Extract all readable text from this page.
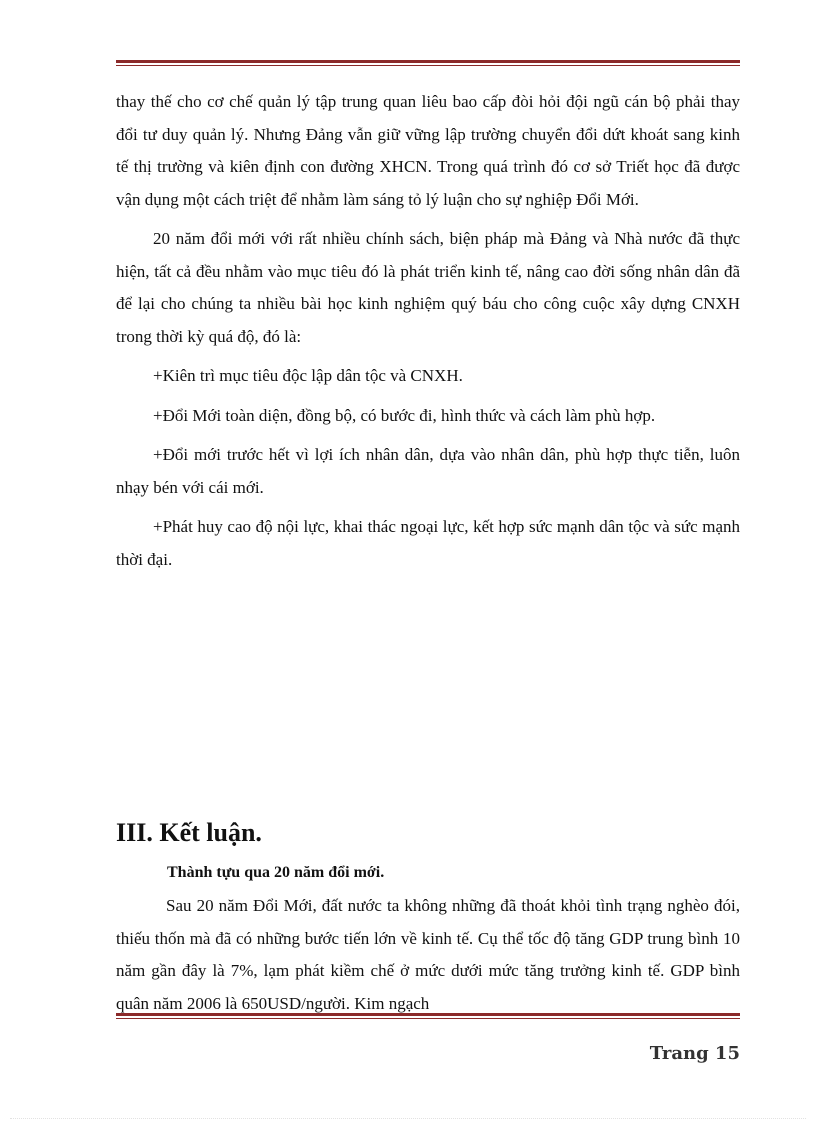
thay thế cho cơ chế quản lý tập trung quan liêu bao cấp đòi hỏi đội ngũ cán bộ phải thay đổi tư duy quản lý. Nhưng Đảng vẫn giữ vững lập trường chuyển đổi dứt khoát sang kinh tế thị trường và kiên định con đường XHCN. Trong quá trình đó cơ sở Triết học đã được vận dụng một cách triệt để nhằm làm sáng tỏ lý luận cho sự nghiệp Đổi Mới.

20 năm đổi mới với rất nhiều chính sách, biện pháp mà Đảng và Nhà nước đã thực hiện, tất cả đều nhằm vào mục tiêu đó là phát triển kinh tế, nâng cao đời sống nhân dân đã để lại cho chúng ta nhiều bài học kinh nghiệm quý báu cho công cuộc xây dựng CNXH trong thời kỳ quá độ, đó là:

+Kiên trì mục tiêu độc lập dân tộc và CNXH.

+Đổi Mới toàn diện, đồng bộ, có bước đi, hình thức và cách làm phù hợp.

+Đổi mới trước hết vì lợi ích nhân dân, dựa vào nhân dân, phù hợp thực tiễn, luôn nhạy bén với cái mới.

+Phát huy cao độ nội lực, khai thác ngoại lực, kết hợp sức mạnh dân tộc và sức mạnh thời đại.

III. Kết luận.
Thành tựu qua 20 năm đổi mới.

Sau 20 năm Đổi Mới, đất nước ta không những đã thoát khỏi tình trạng nghèo đói, thiếu thốn mà đã có những bước tiến lớn về kinh tế. Cụ thể tốc độ tăng GDP trung bình 10 năm gần đây là 7%, lạm phát kiềm chế ở mức dưới mức tăng trưởng kinh tế. GDP bình quân năm 2006 là 650USD/người. Kim ngạch

Trang 15
